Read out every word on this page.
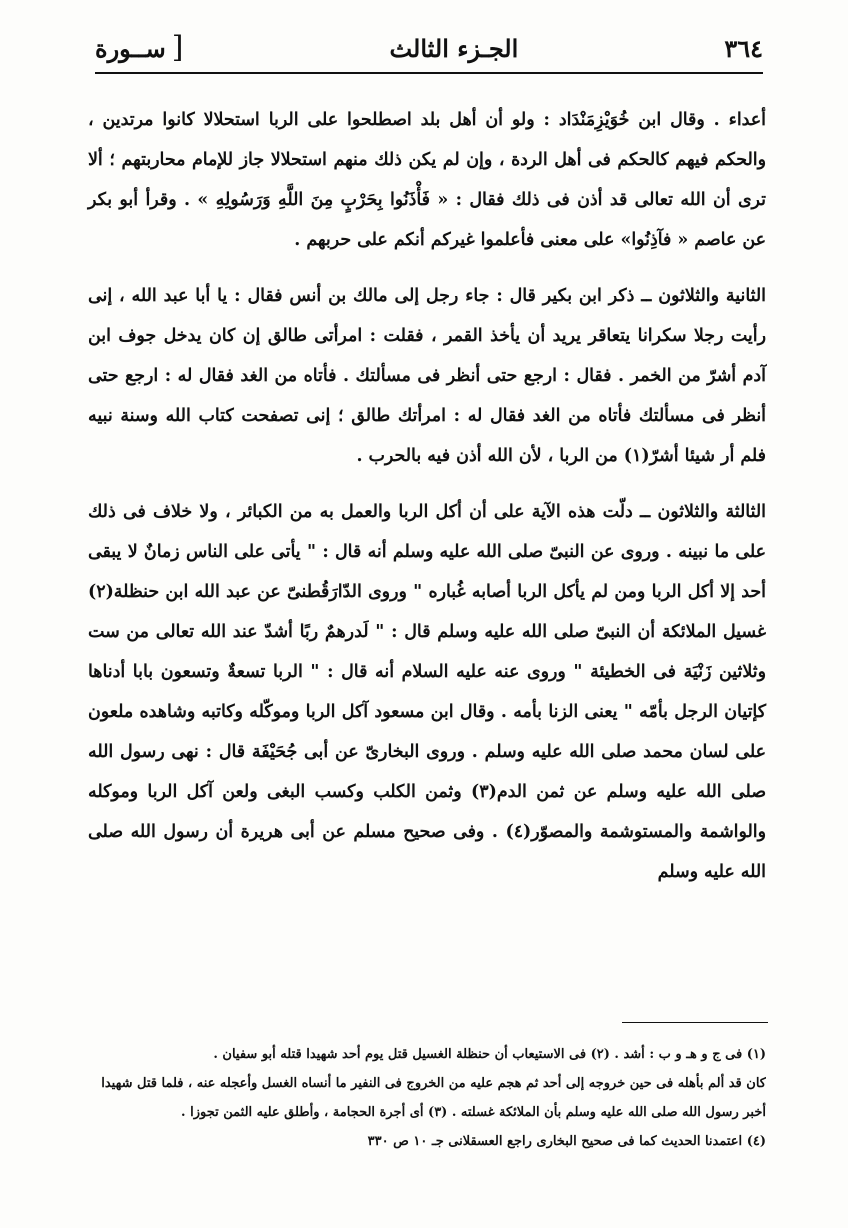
٣٦٤
الجـزء الثالث
[
ســورة

أعداء . وقال ابن خُوَيْزِمَنْدَاد : ولو أن أهل بلد اصطلحوا على الربا استحلالا كانوا مرتدين ، والحكم فيهم كالحكم فى أهل الردة ، وإن لم يكن ذلك منهم استحلالا جاز للإمام محاربتهم ؛ ألا ترى أن الله تعالى قد أذن فى ذلك فقال : « فَأْذَنُوا بِحَرْبٍ مِنَ اللَّهِ وَرَسُولِهِ » . وقرأ أبو بكر عن عاصم « فآذِنُوا» على معنى فأعلموا غيركم أنكم على حربهم .

الثانية والثلاثون ــ ذكر ابن بكير قال : جاء رجل إلى مالك بن أنس فقال : يا أبا عبد الله ، إنى رأيت رجلا سكرانا يتعاقر يريد أن يأخذ القمر ، فقلت : امرأتى طالق إن كان يدخل جوف ابن آدم أشرّ من الخمر . فقال : ارجع حتى أنظر فى مسألتك . فأتاه من الغد فقال له : ارجع حتى أنظر فى مسألتك فأتاه من الغد فقال له : امرأتك طالق ؛ إنى تصفحت كتاب الله وسنة نبيه فلم أر شيئا أشرّ(١) من الربا ، لأن الله أذن فيه بالحرب .

الثالثة والثلاثون ــ دلّت هذه الآية على أن أكل الربا والعمل به من الكبائر ، ولا خلاف فى ذلك على ما نبينه . وروى عن النبىّ صلى الله عليه وسلم أنه قال : " يأتى على الناس زمانٌ لا يبقى أحد إلا أكل الربا ومن لم يأكل الربا أصابه غُباره " وروى الدّارَقُطنىّ عن عبد الله ابن حنظلة(٢) غسيل الملائكة أن النبىّ صلى الله عليه وسلم قال : " لَدرهمٌ ربًا أشدّ عند الله تعالى من ست وثلاثين زَنْيَة فى الخطيئة " وروى عنه عليه السلام أنه قال : " الربا تسعةٌ وتسعون بابا أدناها كإتيان الرجل بأمّه " يعنى الزنا بأمه . وقال ابن مسعود آكل الربا وموكّله وكاتبه وشاهده ملعون على لسان محمد صلى الله عليه وسلم . وروى البخارىّ عن أبى جُحَيْفَة قال : نهى رسول الله صلى الله عليه وسلم عن ثمن الدم(٣) وثمن الكلب وكسب البغى ولعن آكل الربا وموكله والواشمة والمستوشمة والمصوّر(٤) . وفى صحيح مسلم عن أبى هريرة أن رسول الله صلى الله عليه وسلم

(١) فى ج و هـ و ب : أشد . (٢) فى الاستيعاب أن حنظلة الغسيل قتل يوم أحد شهيدا قتله أبو سفيان .

كان قد ألم بأهله فى حين خروجه إلى أحد ثم هجم عليه من الخروج فى النفير ما أنساه الغسل وأعجله عنه ، فلما قتل شهيدا

أخبر رسول الله صلى الله عليه وسلم بأن الملائكة غسلته . (٣) أى أجرة الحجامة ، وأطلق عليه الثمن تجوزا .

(٤) اعتمدنا الحديث كما فى صحيح البخارى راجع العسقلانى جـ ١٠ ص ٣٣٠
